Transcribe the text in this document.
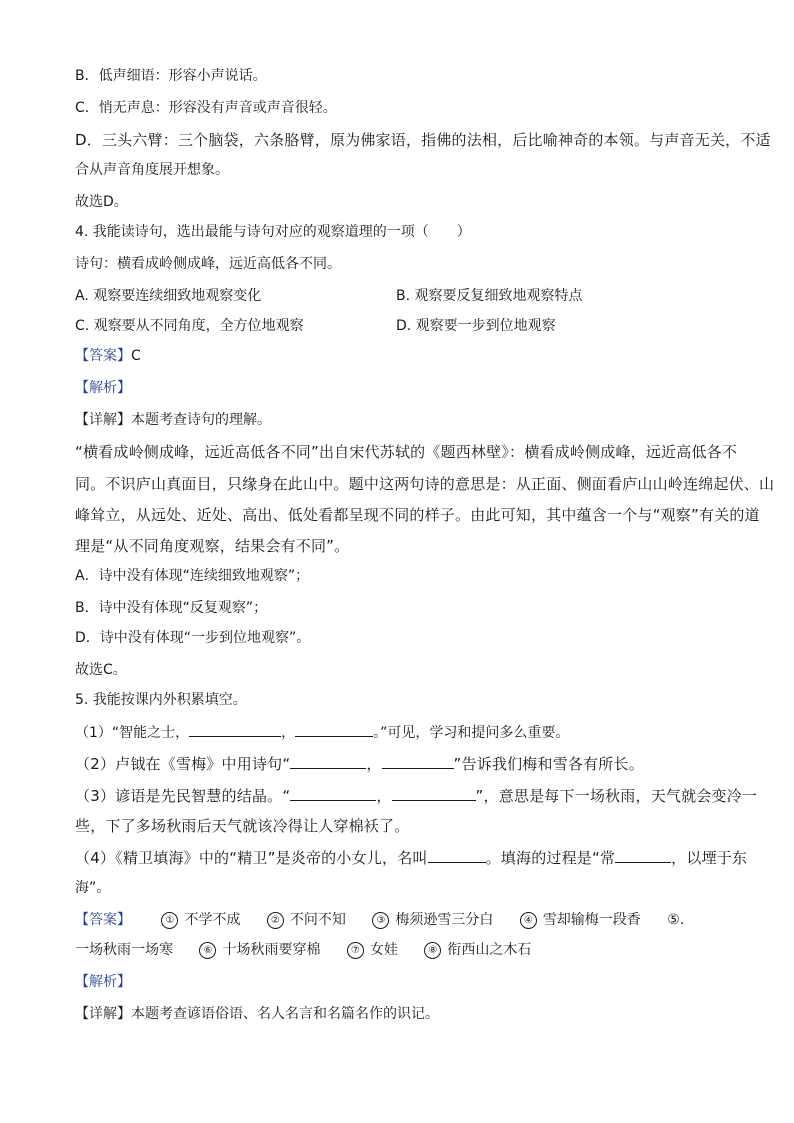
B．低声细语：形容小声说话。
C．悄无声息：形容没有声音或声音很轻。
D．三头六臂：三个脑袋，六条胳臂，原为佛家语，指佛的法相，后比喻神奇的本领。与声音无关，不适
合从声音角度展开想象。
故选D。
4. 我能读诗句，选出最能与诗句对应的观察道理的一项（　　）
诗句：横看成岭侧成峰，远近高低各不同。
A. 观察要连续细致地观察变化	B. 观察要反复细致地观察特点
C. 观察要从不同角度，全方位地观察	D. 观察要一步到位地观察
【答案】C
【解析】
【详解】本题考查诗句的理解。
“横看成岭侧成峰，远近高低各不同”出自宋代苏轼的《题西林壁》：横看成岭侧成峰，远近高低各不
同。不识庐山真面目，只缘身在此山中。题中这两句诗的意思是：从正面、侧面看庐山山岭连绵起伏、山
峰耸立，从远处、近处、高出、低处看都呈现不同的样子。由此可知，其中蕴含一个与“观察”有关的道
理是“从不同角度观察，结果会有不同”。
A．诗中没有体现“连续细致地观察”；
B．诗中没有体现“反复观察”；
D．诗中没有体现“一步到位地观察”。
故选C。
5. 我能按课内外积累填空。
（1）“智能之士，	，	。”可见，学习和提问多么重要。
（2）卢钺在《雪梅》中用诗句“	，	”告诉我们梅和雪各有所长。
（3）谚语是先民智慧的结晶。“	，	”，意思是每下一场秋雨，天气就会变冷一
些，下了多场秋雨后天气就该冷得让人穿棉袄了。
（4）《精卫填海》中的“精卫”是炎帝的小女儿，名叫	。填海的过程是“常	，以堙于东
海”。
【答案】	① 不学不成	② 不问不知	③ 梅须逊雪三分白	④ 雪却输梅一段香 ⑤.
一场秋雨一场寒	⑥ 十场秋雨要穿棉	⑦ 女娃	⑧ 衔西山之木石
【解析】
【详解】本题考查谚语俗语、名人名言和名篇名作的识记。
